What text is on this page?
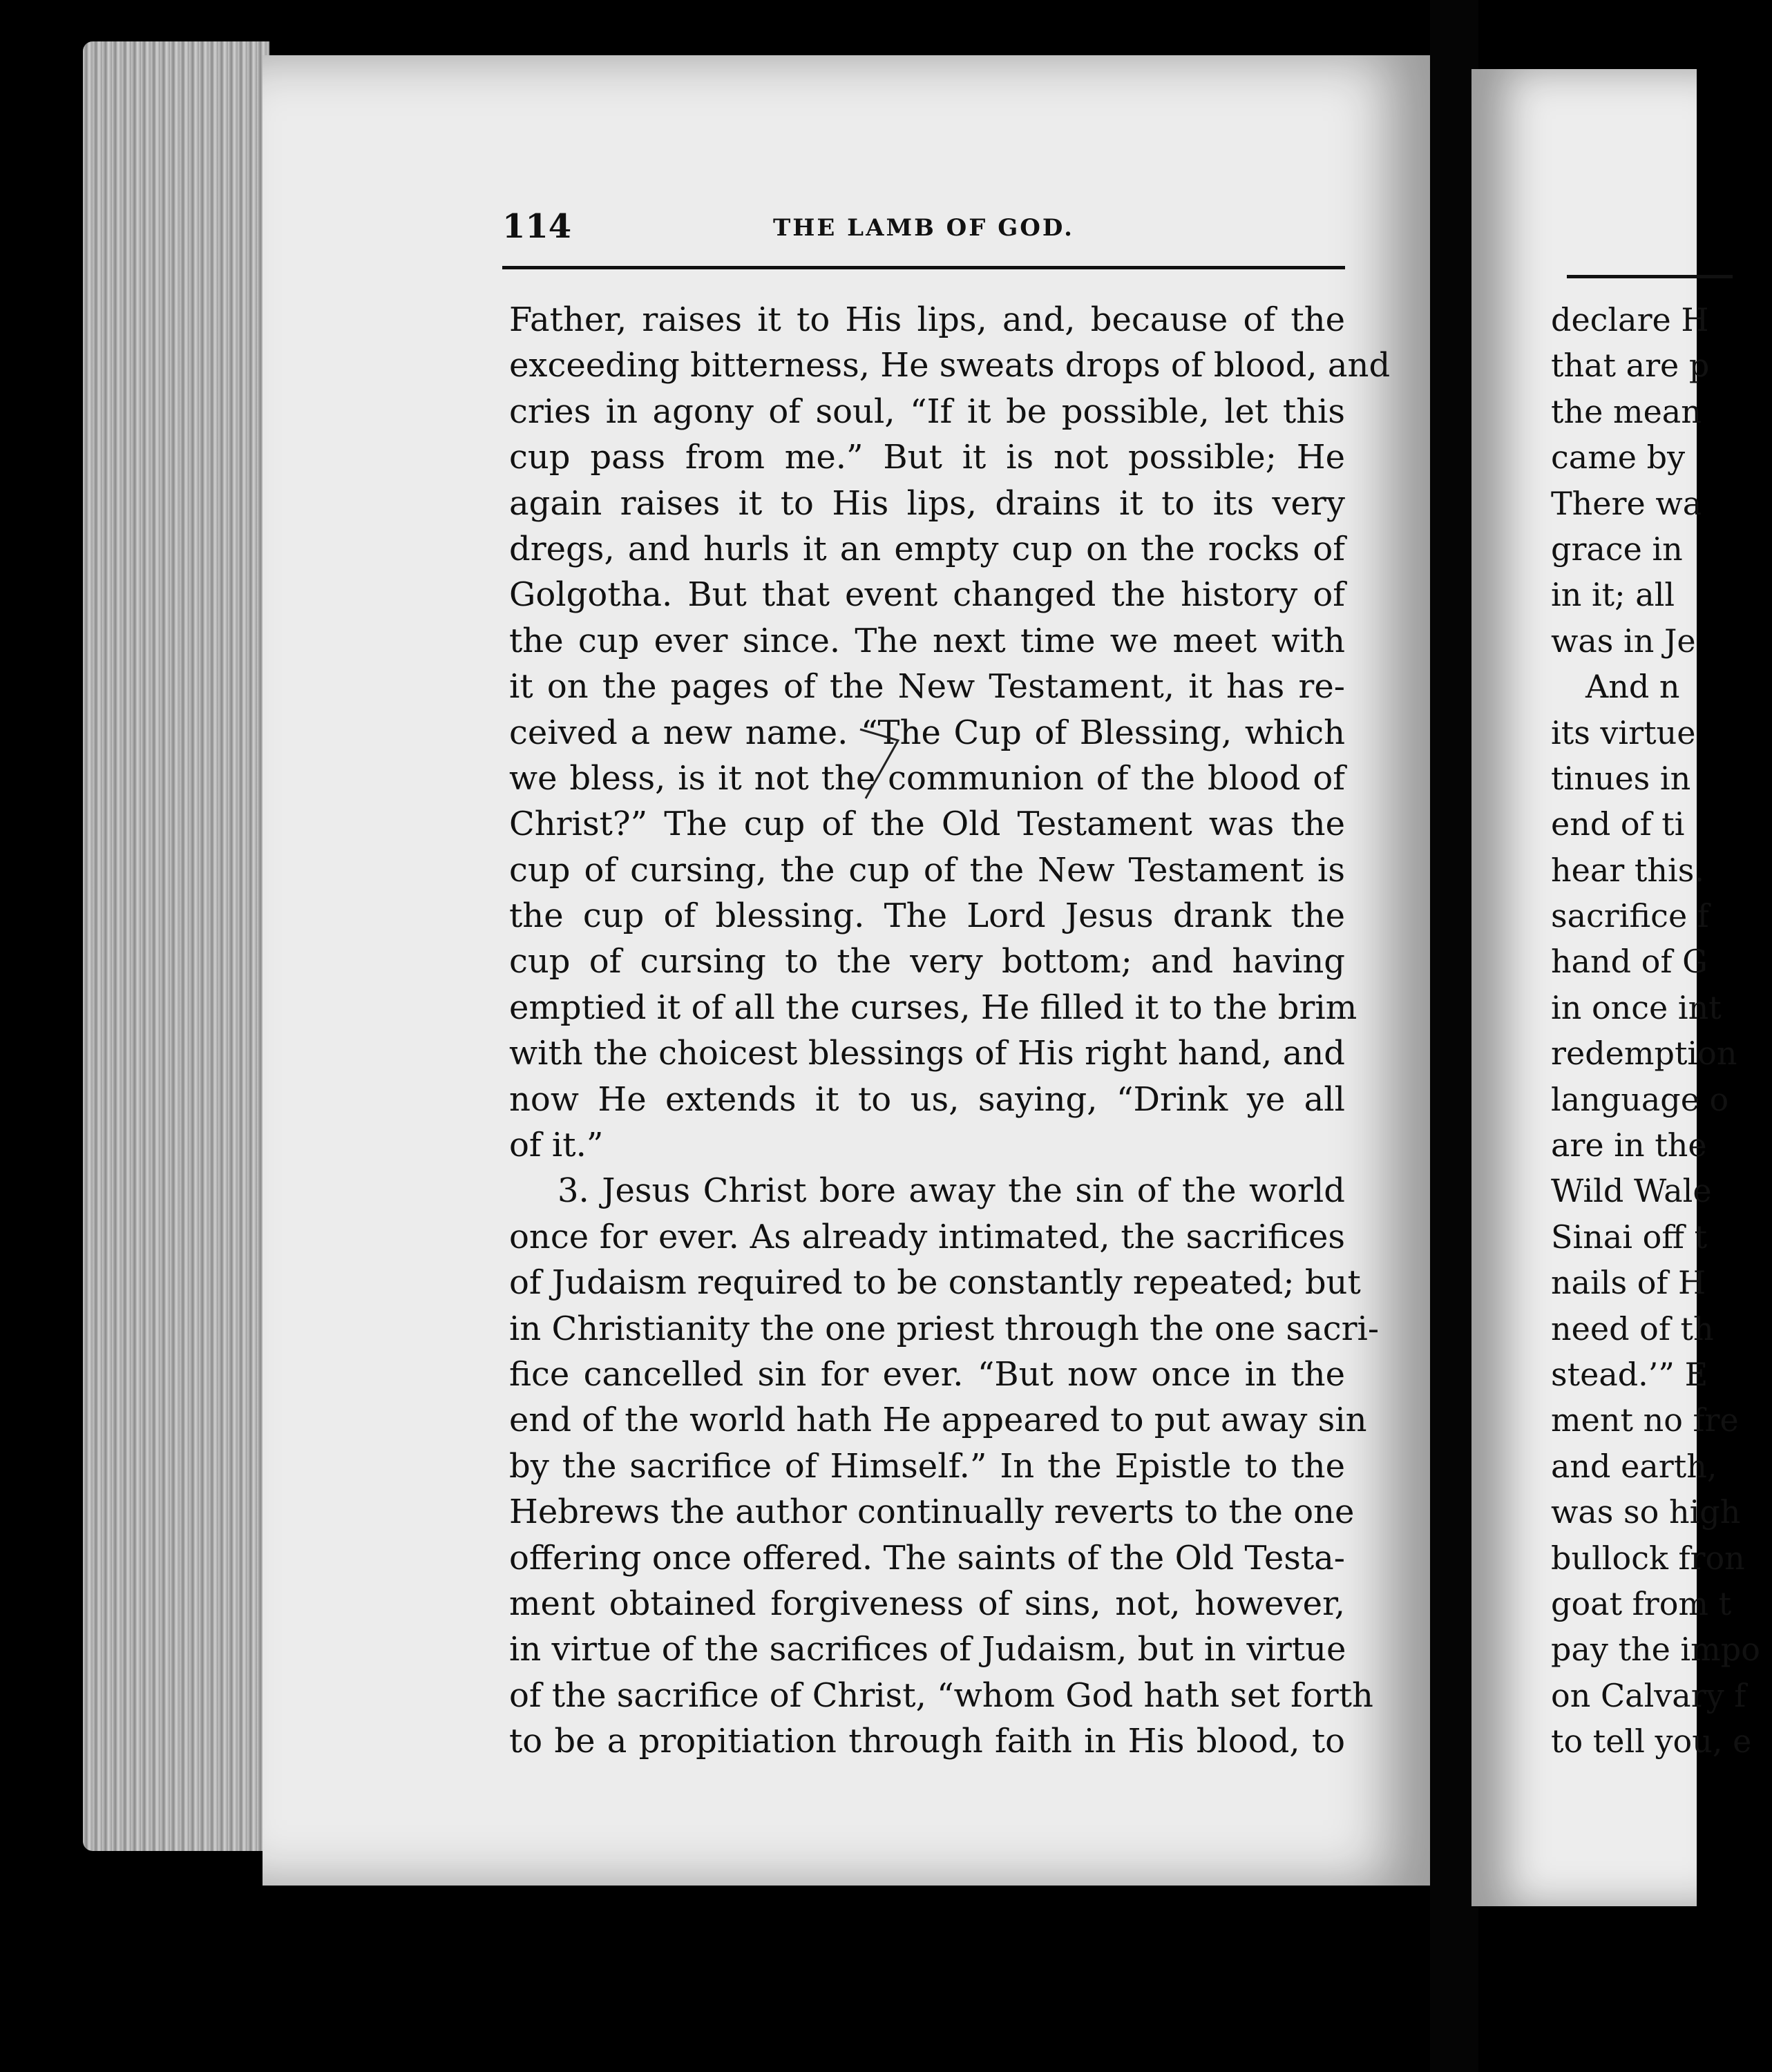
declare H
that are p
the mean
came by
There wa
grace in
in it; all
was in Je
And n
its virtue
tinues in
end of ti
hear this.
sacrifice f
hand of G
in once int
redemption
language o
are in the
Wild Wale
Sinai off t
nails of H
need of th
stead.’” E
ment no fre
and earth,
was so high
bullock fron
goat from t
pay the impo
on Calvary f
to tell you, e
114	THE LAMB OF GOD.
Father, raises it to His lips, and, because of the
exceeding bitterness, He sweats drops of blood, and
cries in agony of soul, “If it be possible, let this
cup pass from me.” But it is not possible; He
again raises it to His lips, drains it to its very
dregs, and hurls it an empty cup on the rocks of
Golgotha. But that event changed the history of
the cup ever since. The next time we meet with
it on the pages of the New Testament, it has re-
ceived a new name. “The Cup of Blessing, which
we bless, is it not the communion of the blood of
Christ?” The cup of the Old Testament was the
cup of cursing, the cup of the New Testament is
the cup of blessing. The Lord Jesus drank the
cup of cursing to the very bottom; and having
emptied it of all the curses, He filled it to the brim
with the choicest blessings of His right hand, and
now He extends it to us, saying, “Drink ye all
of it.”
3. Jesus Christ bore away the sin of the world
once for ever. As already intimated, the sacrifices
of Judaism required to be constantly repeated; but
in Christianity the one priest through the one sacri-
fice cancelled sin for ever. “But now once in the
end of the world hath He appeared to put away sin
by the sacrifice of Himself.” In the Epistle to the
Hebrews the author continually reverts to the one
offering once offered. The saints of the Old Testa-
ment obtained forgiveness of sins, not, however,
in virtue of the sacrifices of Judaism, but in virtue
of the sacrifice of Christ, “whom God hath set forth
to be a propitiation through faith in His blood, to
